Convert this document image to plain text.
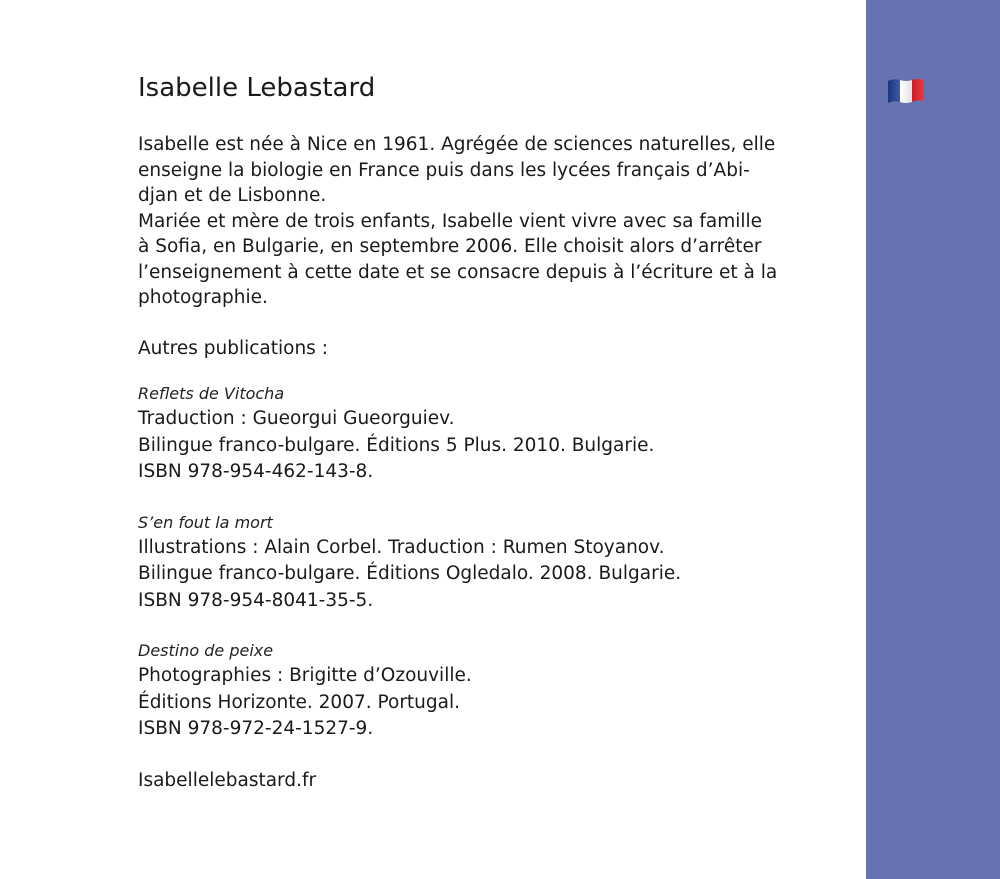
Isabelle Lebastard

Isabelle est née à Nice en 1961. Agrégée de sciences naturelles, elle

enseigne la biologie en France puis dans les lycées français d’Abi-

djan et de Lisbonne.

Mariée et mère de trois enfants, Isabelle vient vivre avec sa famille

à Sofia, en Bulgarie, en septembre 2006. Elle choisit alors d’arrêter

l’enseignement à cette date et se consacre depuis à l’écriture et à la

photographie.

Autres publications :
Reflets de Vitocha
Traduction : Gueorgui Gueorguiev.
Bilingue franco-bulgare. Éditions 5 Plus. 2010. Bulgarie.
ISBN 978-954-462-143-8.
S’en fout la mort
Illustrations : Alain Corbel. Traduction : Rumen Stoyanov.
Bilingue franco-bulgare. Éditions Ogledalo. 2008. Bulgarie.
ISBN 978-954-8041-35-5.
Destino de peixe
Photographies : Brigitte d’Ozouville.
Éditions Horizonte. 2007. Portugal.
ISBN 978-972-24-1527-9.
Isabellelebastard.fr
